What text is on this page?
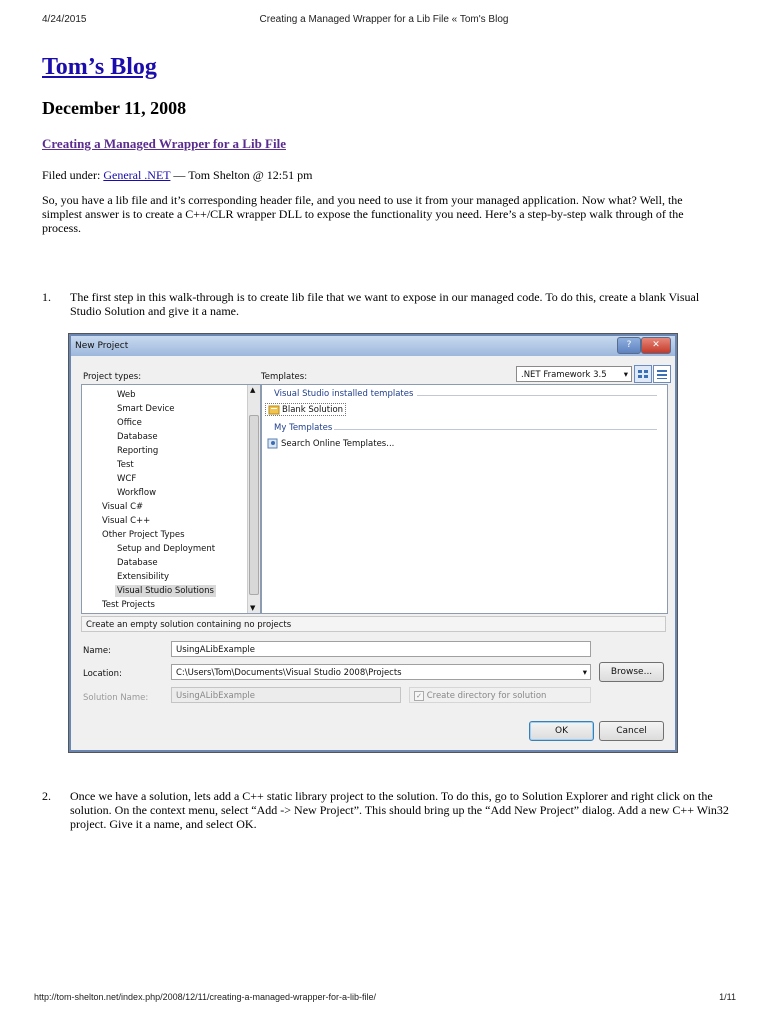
4/24/2015	Creating a Managed Wrapper for a Lib File « Tom's Blog
Tom’s Blog
December 11, 2008
Creating a Managed Wrapper for a Lib File
Filed under: General .NET — Tom Shelton @ 12:51 pm

So, you have a lib file and it’s corresponding header file, and you need to use it from your managed application. Now what? Well, the simplest answer is to create a C++/CLR wrapper DLL to expose the functionality you need. Here’s a step-by-step walk through of the process.

1. The first step in this walk-through is to create lib file that we want to expose in our managed code. To do this, create a blank Visual Studio Solution and give it a name.
New Project	?	✕
Project types:	Templates:	.NET Framework 3.5 ▾
Web
Smart Device
Office
Database
Reporting
Test
WCF
Workflow
Visual C#
Visual C++
Other Project Types
Setup and Deployment
Database
Extensibility
Visual Studio Solutions
Test Projects
▲
▼
Visual Studio installed templates
Blank Solution
My Templates
Search Online Templates...
Create an empty solution containing no projects
Name:	UsingALibExample
Location:	C:\Users\Tom\Documents\Visual Studio 2008\Projects	▾	Browse...
Solution Name:	UsingALibExample	✓ Create directory for solution
OK	Cancel
2. Once we have a solution, lets add a C++ static library project to the solution. To do this, go to Solution Explorer and right click on the solution. On the context menu, select “Add -> New Project”. This should bring up the “Add New Project” dialog. Add a new C++ Win32 project. Give it a name, and select OK.
http://tom-shelton.net/index.php/2008/12/11/creating-a-managed-wrapper-for-a-lib-file/	1/11
